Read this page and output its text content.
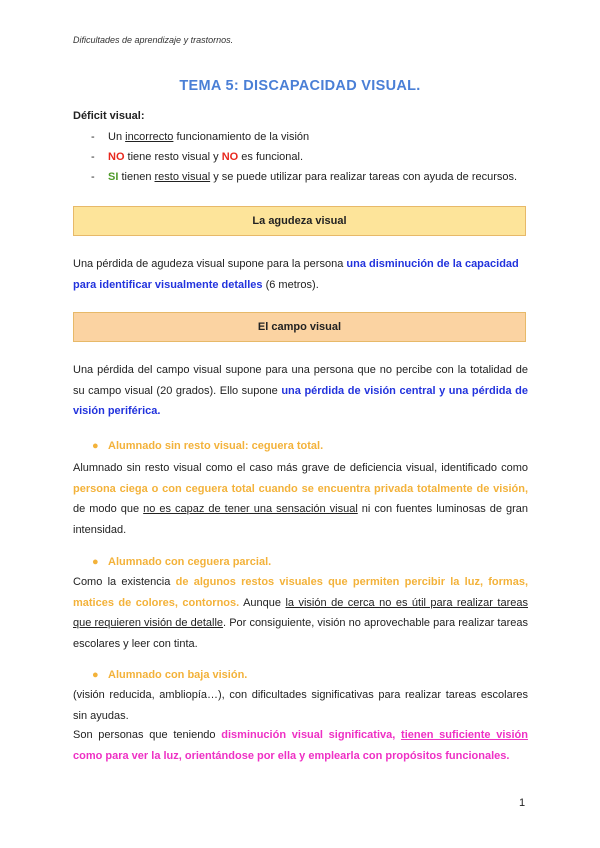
Dificultades de aprendizaje y trastornos.
TEMA 5: DISCAPACIDAD VISUAL.
Déficit visual:
- Un incorrecto funcionamiento de la visión
- NO tiene resto visual y NO es funcional.
- SI tienen resto visual y se puede utilizar para realizar tareas con ayuda de recursos.
La agudeza visual
Una pérdida de agudeza visual supone para la persona una disminución de la capacidad para identificar visualmente detalles (6 metros).
El campo visual
Una pérdida del campo visual supone para una persona que no percibe con la totalidad de su campo visual (20 grados). Ello supone una pérdida de visión central y una pérdida de visión periférica.
● Alumnado sin resto visual: ceguera total.
Alumnado sin resto visual como el caso más grave de deficiencia visual, identificado como persona ciega o con ceguera total cuando se encuentra privada totalmente de visión, de modo que no es capaz de tener una sensación visual ni con fuentes luminosas de gran intensidad.
● Alumnado con ceguera parcial.
Como la existencia de algunos restos visuales que permiten percibir la luz, formas, matices de colores, contornos. Aunque la visión de cerca no es útil para realizar tareas que requieren visión de detalle. Por consiguiente, visión no aprovechable para realizar tareas escolares y leer con tinta.
● Alumnado con baja visión.
(visión reducida, ambliopía…), con dificultades significativas para realizar tareas escolares sin ayudas.
Son personas que teniendo disminución visual significativa, tienen suficiente visión como para ver la luz, orientándose por ella y emplearla con propósitos funcionales.
1
